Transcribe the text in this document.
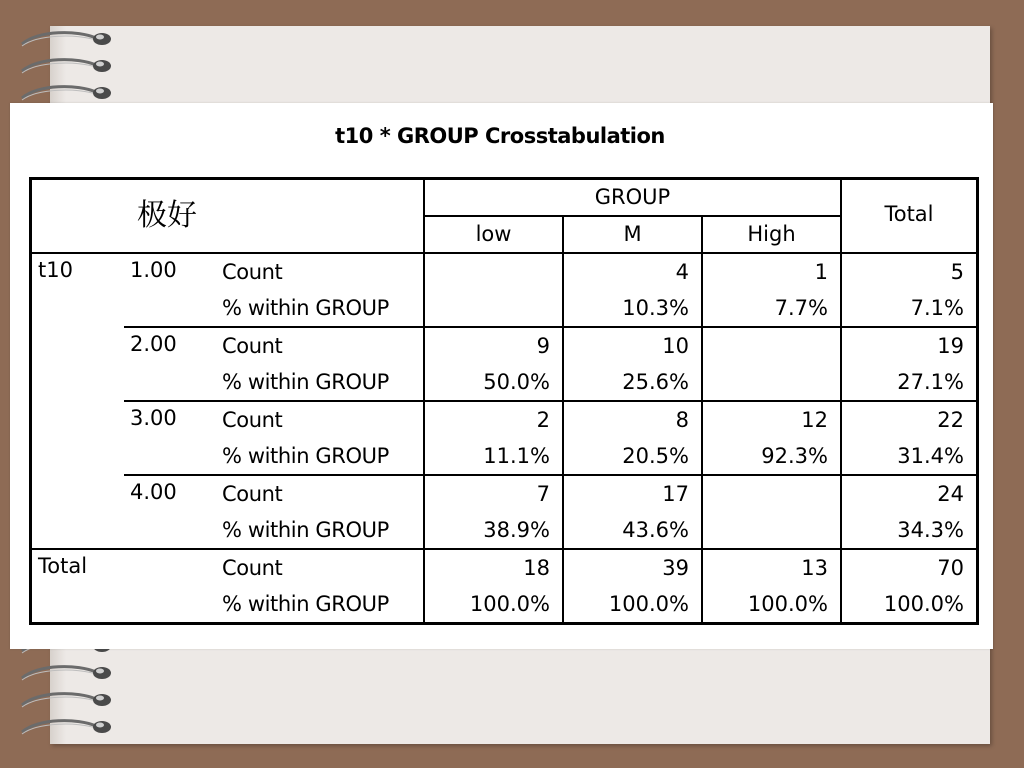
t10 * GROUP Crosstabulation
极好			GROUP			Total
			low	M	High	
t10	1.00	Count		4	1	5
		% within GROUP		10.3%	7.7%	7.1%
	2.00	Count	9	10		19
		% within GROUP	50.0%	25.6%		27.1%
	3.00	Count	2	8	12	22
		% within GROUP	11.1%	20.5%	92.3%	31.4%
	4.00	Count	7	17		24
		% within GROUP	38.9%	43.6%		34.3%
Total		Count	18	39	13	70
		% within GROUP	100.0%	100.0%	100.0%	100.0%
